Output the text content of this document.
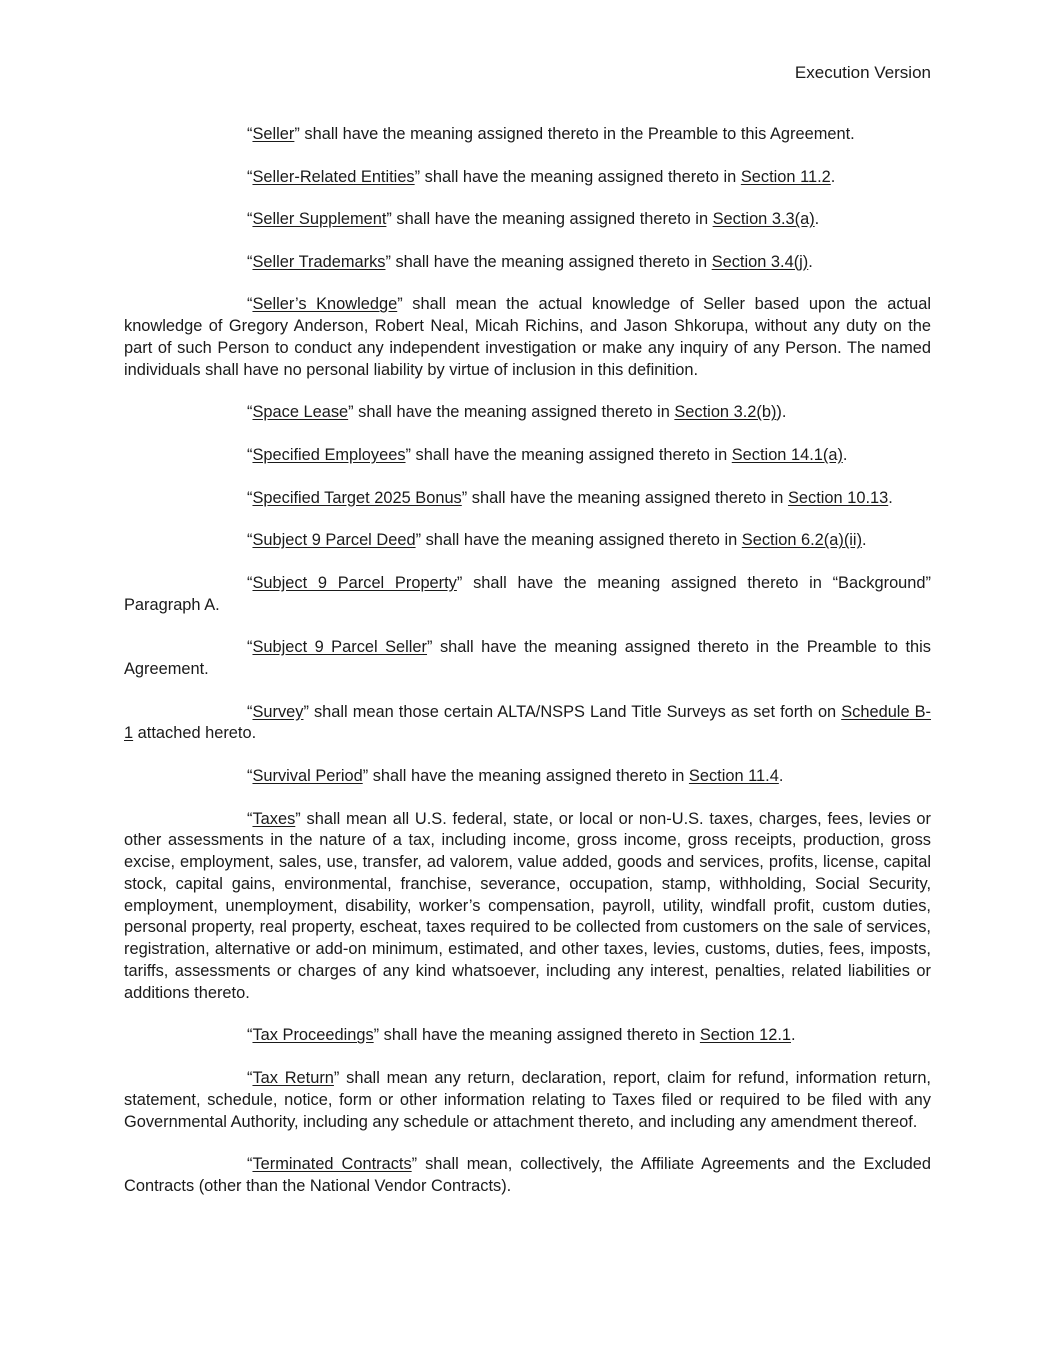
Execution Version

“Seller” shall have the meaning assigned thereto in the Preamble to this Agreement.

“Seller-Related Entities” shall have the meaning assigned thereto in Section 11.2.

“Seller Supplement” shall have the meaning assigned thereto in Section 3.3(a).

“Seller Trademarks” shall have the meaning assigned thereto in Section 3.4(j).

“Seller’s Knowledge” shall mean the actual knowledge of Seller based upon the actual knowledge of Gregory Anderson, Robert Neal, Micah Richins, and Jason Shkorupa, without any duty on the part of such Person to conduct any independent investigation or make any inquiry of any Person. The named individuals shall have no personal liability by virtue of inclusion in this definition.

“Space Lease” shall have the meaning assigned thereto in Section 3.2(b)).

“Specified Employees” shall have the meaning assigned thereto in Section 14.1(a).

“Specified Target 2025 Bonus” shall have the meaning assigned thereto in Section 10.13.

“Subject 9 Parcel Deed” shall have the meaning assigned thereto in Section 6.2(a)(ii).

“Subject 9 Parcel Property” shall have the meaning assigned thereto in “Background” Paragraph A.

“Subject 9 Parcel Seller” shall have the meaning assigned thereto in the Preamble to this Agreement.

“Survey” shall mean those certain ALTA/NSPS Land Title Surveys as set forth on Schedule B-1 attached hereto.

“Survival Period” shall have the meaning assigned thereto in Section 11.4.

“Taxes” shall mean all U.S. federal, state, or local or non-U.S. taxes, charges, fees, levies or other assessments in the nature of a tax, including income, gross income, gross receipts, production, gross excise, employment, sales, use, transfer, ad valorem, value added, goods and services, profits, license, capital stock, capital gains, environmental, franchise, severance, occupation, stamp, withholding, Social Security, employment, unemployment, disability, worker’s compensation, payroll, utility, windfall profit, custom duties, personal property, real property, escheat, taxes required to be collected from customers on the sale of services, registration, alternative or add-on minimum, estimated, and other taxes, levies, customs, duties, fees, imposts, tariffs, assessments or charges of any kind whatsoever, including any interest, penalties, related liabilities or additions thereto.

“Tax Proceedings” shall have the meaning assigned thereto in Section 12.1.

“Tax Return” shall mean any return, declaration, report, claim for refund, information return, statement, schedule, notice, form or other information relating to Taxes filed or required to be filed with any Governmental Authority, including any schedule or attachment thereto, and including any amendment thereof.

“Terminated Contracts” shall mean, collectively, the Affiliate Agreements and the Excluded Contracts (other than the National Vendor Contracts).
